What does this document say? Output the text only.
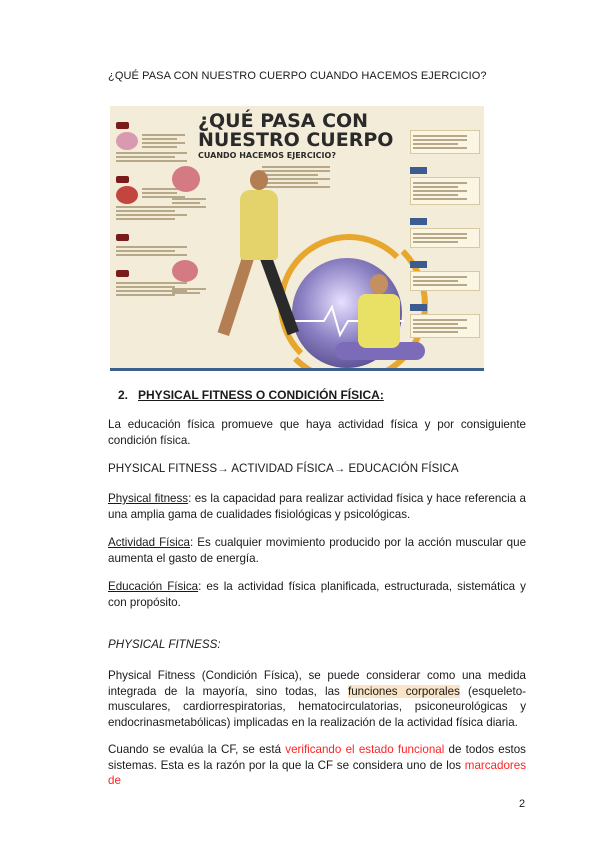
¿QUÉ PASA CON NUESTRO CUERPO CUANDO HACEMOS EJERCICIO?

¿QUÉ PASA CON
NUESTRO CUERPO
CUANDO HACEMOS EJERCICIO?

2. PHYSICAL FITNESS O CONDICIÓN FÍSICA:
La educación física promueve que haya actividad física y por consiguiente condición física.
PHYSICAL FITNESS→ ACTIVIDAD FÍSICA→ EDUCACIÓN FÍSICA
Physical fitness: es la capacidad para realizar actividad física y hace referencia a una amplia gama de cualidades fisiológicas y psicológicas.
Actividad Física: Es cualquier movimiento producido por la acción muscular que aumenta el gasto de energía.
Educación Física: es la actividad física planificada, estructurada, sistemática y con propósito.
PHYSICAL FITNESS:
Physical Fitness (Condición Física), se puede considerar como una medida integrada de la mayoría, sino todas, las funciones corporales (esqueleto-musculares, cardiorrespiratorias, hematocirculatorias, psiconeurológicas y endocrinasmetabólicas) implicadas en la realización de la actividad física diaria.
Cuando se evalúa la CF, se está verificando el estado funcional de todos estos sistemas. Esta es la razón por la que la CF se considera uno de los marcadores de
2
